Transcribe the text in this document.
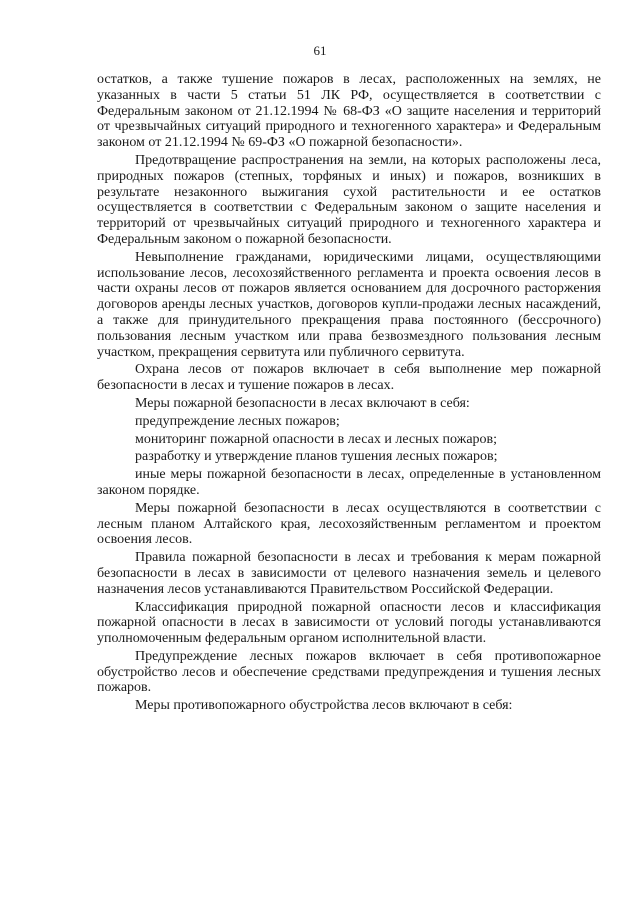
61

остатков, а также тушение пожаров в лесах, расположенных на землях, не указанных в части 5 статьи 51 ЛК РФ, осуществляется в соответствии с Федеральным законом от 21.12.1994 № 68-ФЗ «О защите населения и территорий от чрезвычайных ситуаций природного и техногенного характера» и Федеральным законом от 21.12.1994 № 69-ФЗ «О пожарной безопасности».

Предотвращение распространения на земли, на которых расположены леса, природных пожаров (степных, торфяных и иных) и пожаров, возникших в результате незаконного выжигания сухой растительности и ее остатков осуществляется в соответствии с Федеральным законом о защите населения и территорий от чрезвычайных ситуаций природного и техногенного характера и Федеральным законом о пожарной безопасности.

Невыполнение гражданами, юридическими лицами, осуществляющими использование лесов, лесохозяйственного регламента и проекта освоения лесов в части охраны лесов от пожаров является основанием для досрочного расторжения договоров аренды лесных участков, договоров купли-продажи лесных насаждений, а также для принудительного прекращения права постоянного (бессрочного) пользования лесным участком или права безвозмездного пользования лесным участком, прекращения сервитута или публичного сервитута.

Охрана лесов от пожаров включает в себя выполнение мер пожарной безопасности в лесах и тушение пожаров в лесах.

Меры пожарной безопасности в лесах включают в себя:

предупреждение лесных пожаров;

мониторинг пожарной опасности в лесах и лесных пожаров;

разработку и утверждение планов тушения лесных пожаров;

иные меры пожарной безопасности в лесах, определенные в установленном законом порядке.

Меры пожарной безопасности в лесах осуществляются в соответствии с лесным планом Алтайского края, лесохозяйственным регламентом и проектом освоения лесов.

Правила пожарной безопасности в лесах и требования к мерам пожарной безопасности в лесах в зависимости от целевого назначения земель и целевого назначения лесов устанавливаются Правительством Российской Федерации.

Классификация природной пожарной опасности лесов и классификация пожарной опасности в лесах в зависимости от условий погоды устанавливаются уполномоченным федеральным органом исполнительной власти.

Предупреждение лесных пожаров включает в себя противопожарное обустройство лесов и обеспечение средствами предупреждения и тушения лесных пожаров.

Меры противопожарного обустройства лесов включают в себя:
